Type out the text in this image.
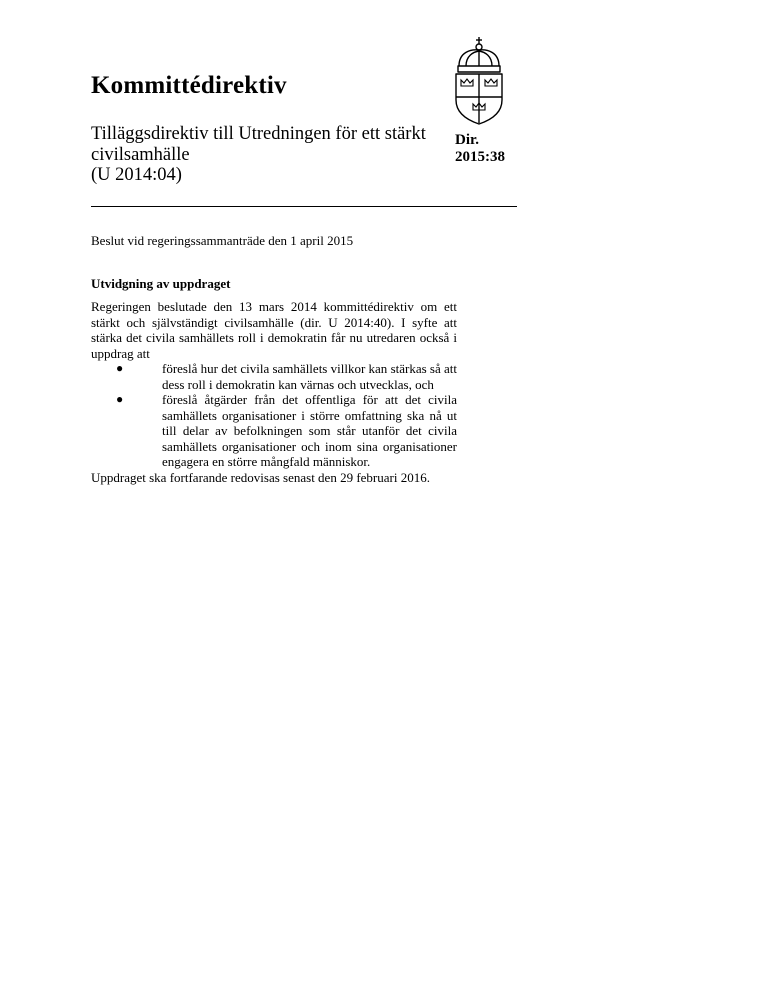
Kommittédirektiv
Tilläggsdirektiv till Utredningen för ett stärkt
civilsamhälle
(U 2014:04)
Dir.
2015:38
Beslut vid regeringssammanträde den 1 april 2015
Utvidgning av uppdraget

Regeringen beslutade den 13 mars 2014 kommittédirektiv om ett stärkt och självständigt civilsamhälle (dir. U 2014:40). I syfte att stärka det civila samhällets roll i demokratin får nu utredaren också i uppdrag att

●	föreslå hur det civila samhällets villkor kan stärkas så att dess roll i demokratin kan värnas och utvecklas, och
●	föreslå åtgärder från det offentliga för att det civila samhällets organisationer i större omfattning ska nå ut till delar av befolkningen som står utanför det civila samhällets organisationer och inom sina organisationer engagera en större mångfald människor.

Uppdraget ska fortfarande redovisas senast den 29 februari 2016.
